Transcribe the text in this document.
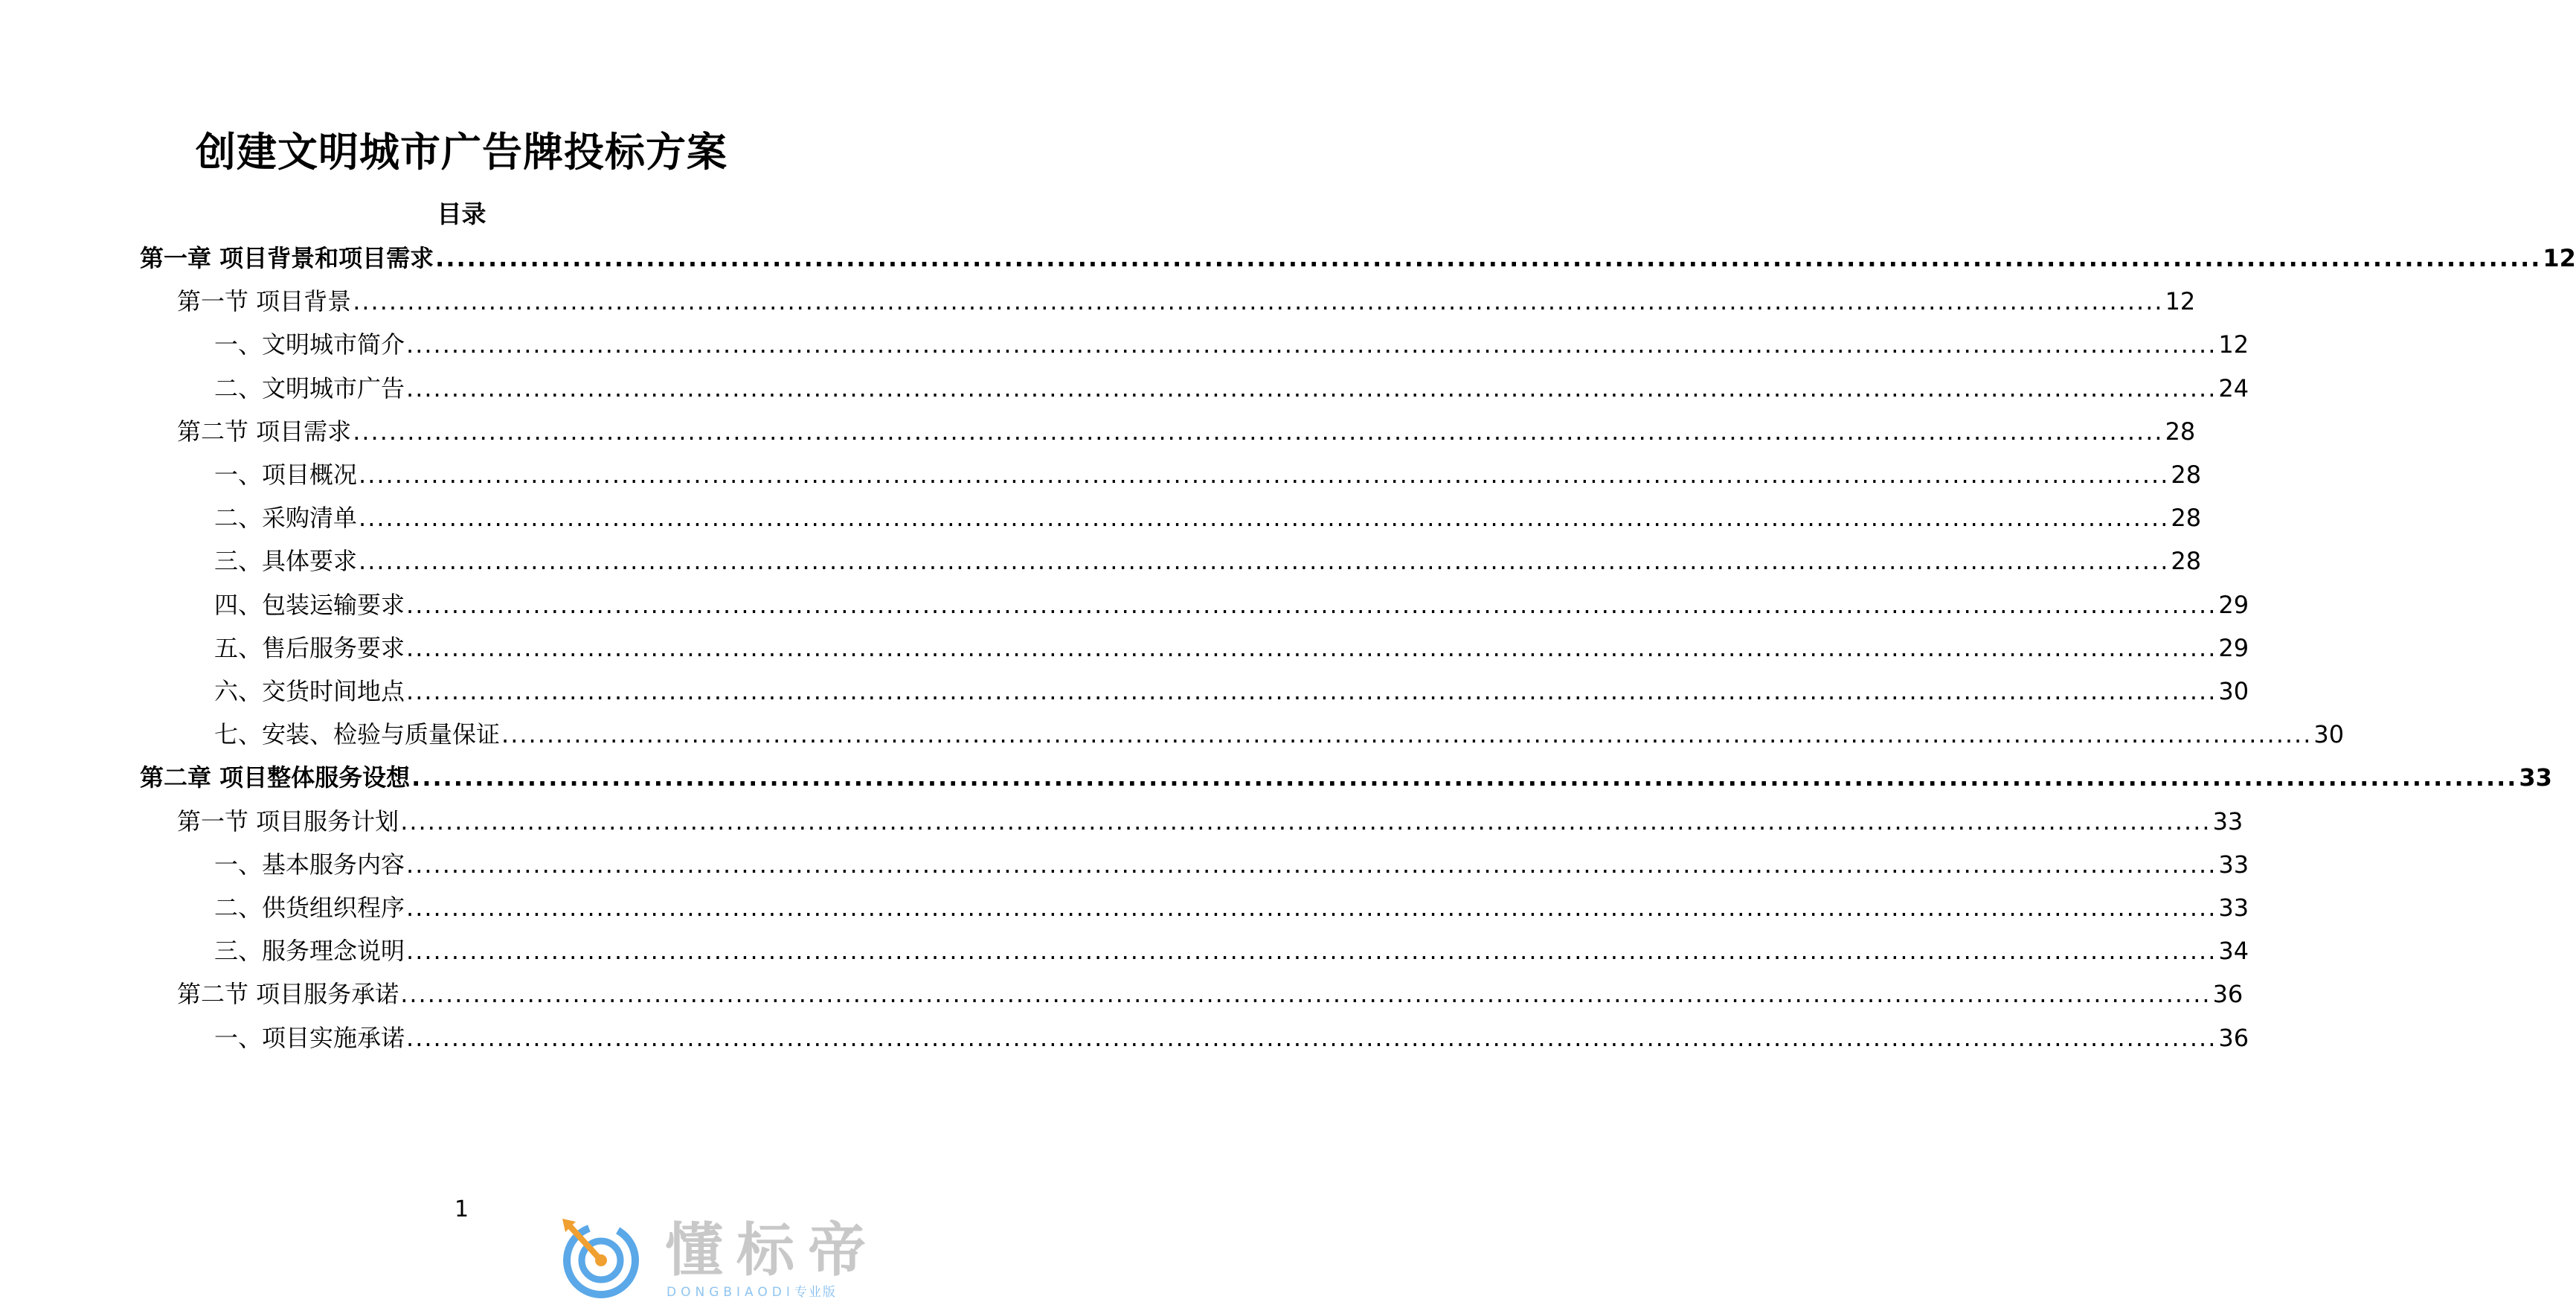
创建文明城市广告牌投标方案
目录
第一章 项目背景和项目需求 ........................................................................................................................................................................................................ 12
第一节 项目背景 ........................................................................................................................................................................................................ 12
一、文明城市简介 ........................................................................................................................................................................................................ 12
二、文明城市广告 ........................................................................................................................................................................................................ 24
第二节 项目需求 ........................................................................................................................................................................................................ 28
一、项目概况 ........................................................................................................................................................................................................ 28
二、采购清单 ........................................................................................................................................................................................................ 28
三、具体要求 ........................................................................................................................................................................................................ 28
四、包装运输要求 ........................................................................................................................................................................................................ 29
五、售后服务要求 ........................................................................................................................................................................................................ 29
六、交货时间地点 ........................................................................................................................................................................................................ 30
七、安装、检验与质量保证 ........................................................................................................................................................................................................ 30
第二章 项目整体服务设想 ........................................................................................................................................................................................................ 33
第一节 项目服务计划 ........................................................................................................................................................................................................ 33
一、基本服务内容 ........................................................................................................................................................................................................ 33
二、供货组织程序 ........................................................................................................................................................................................................ 33
三、服务理念说明 ........................................................................................................................................................................................................ 34
第二节 项目服务承诺 ........................................................................................................................................................................................................ 36
一、项目实施承诺 ........................................................................................................................................................................................................ 36
1
懂标帝
DONGBIAODI专业版
